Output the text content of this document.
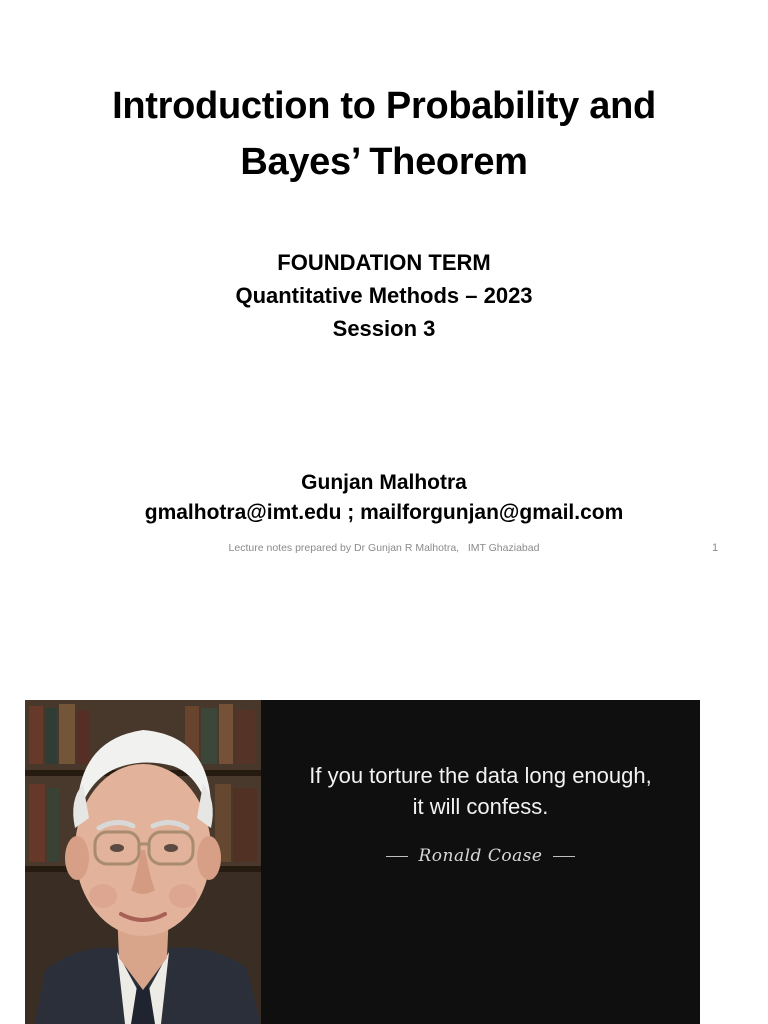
Introduction to Probability and
Bayes’ Theorem
FOUNDATION TERM
Quantitative Methods – 2023
Session 3
Gunjan Malhotra
gmalhotra@imt.edu ; mailforgunjan@gmail.com
Lecture notes prepared by Dr Gunjan R Malhotra,   IMT Ghaziabad	1
If you torture the data long enough,
it will confess.
Ronald Coase
